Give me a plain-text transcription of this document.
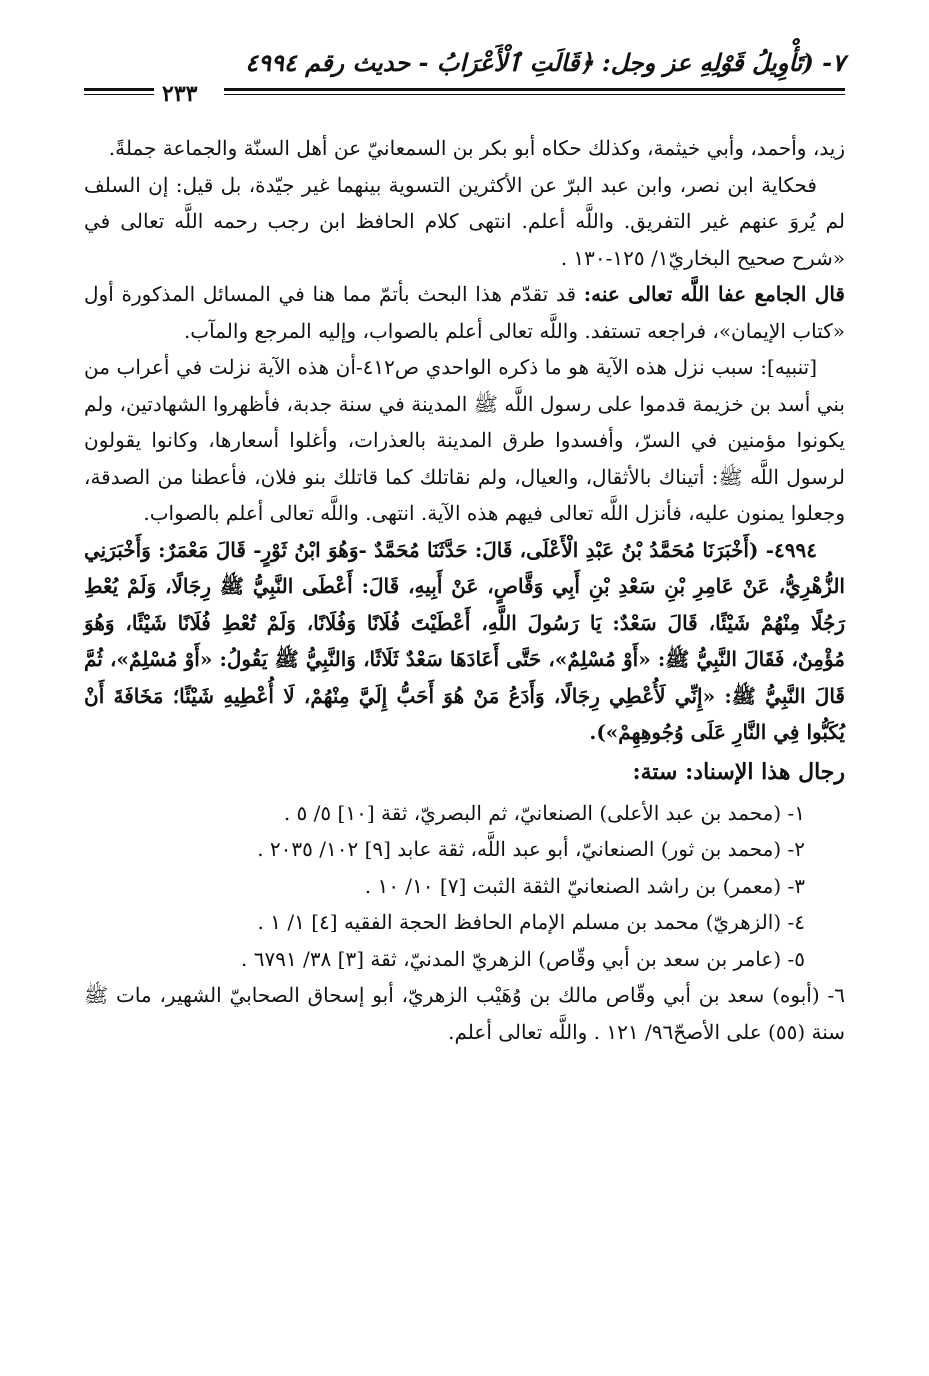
٧- (تَأْوِيلُ قَوْلِهِ عز وجل: ﴿قَالَتِ ٱلْأَعْرَابُ - حديث رقم ٤٩٩٤
٢٣٣

زيد، وأحمد، وأبي خيثمة، وكذلك حكاه أبو بكر بن السمعانيّ عن أهل السنّة والجماعة جملةً.

فحكاية ابن نصر، وابن عبد البرّ عن الأكثرين التسوية بينهما غير جيّدة، بل قيل: إن السلف لم يُروَ عنهم غير التفريق. واللَّه أعلم. انتهى كلام الحافظ ابن رجب رحمه اللَّه تعالى في «شرح صحيح البخاريّ١/ ١٢٥-١٣٠ .

قال الجامع عفا اللَّه تعالى عنه: قد تقدّم هذا البحث بأتمّ مما هنا في المسائل المذكورة أول «كتاب الإيمان»، فراجعه تستفد. واللَّه تعالى أعلم بالصواب، وإليه المرجع والمآب.

[تنبيه]: سبب نزل هذه الآية هو ما ذكره الواحدي ص٤١٢-أن هذه الآية نزلت في أعراب من بني أسد بن خزيمة قدموا على رسول اللَّه ﷺ المدينة في سنة جدبة، فأظهروا الشهادتين، ولم يكونوا مؤمنين في السرّ، وأفسدوا طرق المدينة بالعذرات، وأغلوا أسعارها، وكانوا يقولون لرسول اللَّه ﷺ: أتيناك بالأثقال، والعيال، ولم نقاتلك كما قاتلك بنو فلان، فأعطنا من الصدقة، وجعلوا يمنون عليه، فأنزل اللَّه تعالى فيهم هذه الآية. انتهى. واللَّه تعالى أعلم بالصواب.

٤٩٩٤- (أَخْبَرَنَا مُحَمَّدُ بْنُ عَبْدِ الْأَعْلَى، قَالَ: حَدَّثَنَا مُحَمَّدٌ -وَهُوَ ابْنُ ثَوْرٍ- قَالَ مَعْمَرٌ: وَأَخْبَرَنِي الزُّهْرِيُّ، عَنْ عَامِرِ بْنِ سَعْدِ بْنِ أَبِي وَقَّاصٍ، عَنْ أَبِيهِ، قَالَ: أَعْطَى النَّبِيُّ ﷺ رِجَالًا، وَلَمْ يُعْطِ رَجُلًا مِنْهُمْ شَيْئًا، قَالَ سَعْدٌ: يَا رَسُولَ اللَّهِ، أَعْطَيْتَ فُلَانًا وَفُلَانًا، وَلَمْ تُعْطِ فُلَانًا شَيْئًا، وَهُوَ مُؤْمِنٌ، فَقَالَ النَّبِيُّ ﷺ: «أَوْ مُسْلِمٌ»، حَتَّى أَعَادَهَا سَعْدٌ ثَلَاثًا، وَالنَّبِيُّ ﷺ يَقُولُ: «أَوْ مُسْلِمٌ»، ثُمَّ قَالَ النَّبِيُّ ﷺ: «إِنِّي لَأُعْطِي رِجَالًا، وَأَدَعُ مَنْ هُوَ أَحَبُّ إِلَيَّ مِنْهُمْ، لَا أُعْطِيهِ شَيْئًا؛ مَخَافَةَ أَنْ يُكَبُّوا فِي النَّارِ عَلَى وُجُوهِهِمْ»).

رجال هذا الإسناد: ستة:
١- (محمد بن عبد الأعلى) الصنعانيّ، ثم البصريّ، ثقة [١٠] ٥/ ٥ .
٢- (محمد بن ثور) الصنعانيّ، أبو عبد اللَّه، ثقة عابد [٩] ١٠٢/ ٢٠٣٥ .
٣- (معمر) بن راشد الصنعانيّ الثقة الثبت [٧] ١٠/ ١٠ .
٤- (الزهريّ) محمد بن مسلم الإمام الحافظ الحجة الفقيه [٤] ١/ ١ .
٥- (عامر بن سعد بن أبي وقّاص) الزهريّ المدنيّ، ثقة [٣] ٣٨/ ٦٧٩١ .
٦- (أبوه) سعد بن أبي وقّاص مالك بن وُهَيْب الزهريّ، أبو إسحاق الصحابيّ الشهير، مات ﷺ سنة (٥٥) على الأصحّ٩٦/ ١٢١ . واللَّه تعالى أعلم.
